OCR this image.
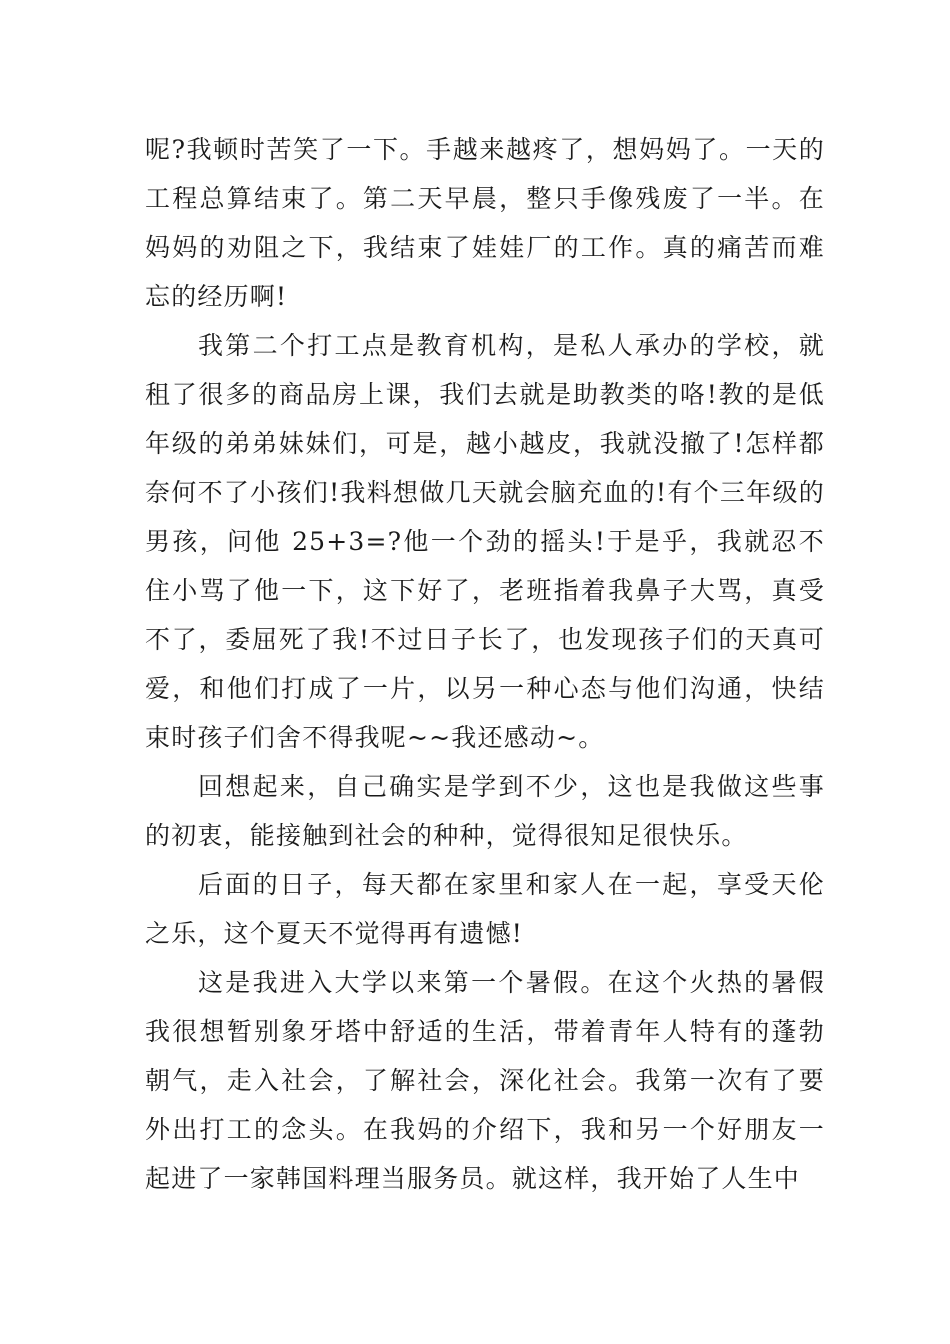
呢?我顿时苦笑了一下。手越来越疼了，想妈妈了。一天的工程总算结束了。第二天早晨，整只手像残废了一半。在妈妈的劝阻之下，我结束了娃娃厂的工作。真的痛苦而难忘的经历啊!

我第二个打工点是教育机构，是私人承办的学校，就租了很多的商品房上课，我们去就是助教类的咯!教的是低年级的弟弟妹妹们，可是，越小越皮，我就没撤了!怎样都奈何不了小孩们!我料想做几天就会脑充血的!有个三年级的男孩，问他 25+3=?他一个劲的摇头!于是乎，我就忍不住小骂了他一下，这下好了，老班指着我鼻子大骂，真受不了，委屈死了我!不过日子长了，也发现孩子们的天真可爱，和他们打成了一片，以另一种心态与他们沟通，快结束时孩子们舍不得我呢~~我还感动~。

回想起来，自己确实是学到不少，这也是我做这些事的初衷，能接触到社会的种种，觉得很知足很快乐。

后面的日子，每天都在家里和家人在一起，享受天伦之乐，这个夏天不觉得再有遗憾!

这是我进入大学以来第一个暑假。在这个火热的暑假我很想暂别象牙塔中舒适的生活，带着青年人特有的蓬勃朝气，走入社会，了解社会，深化社会。我第一次有了要外出打工的念头。在我妈的介绍下，我和另一个好朋友一起进了一家韩国料理当服务员。就这样，我开始了人生中
